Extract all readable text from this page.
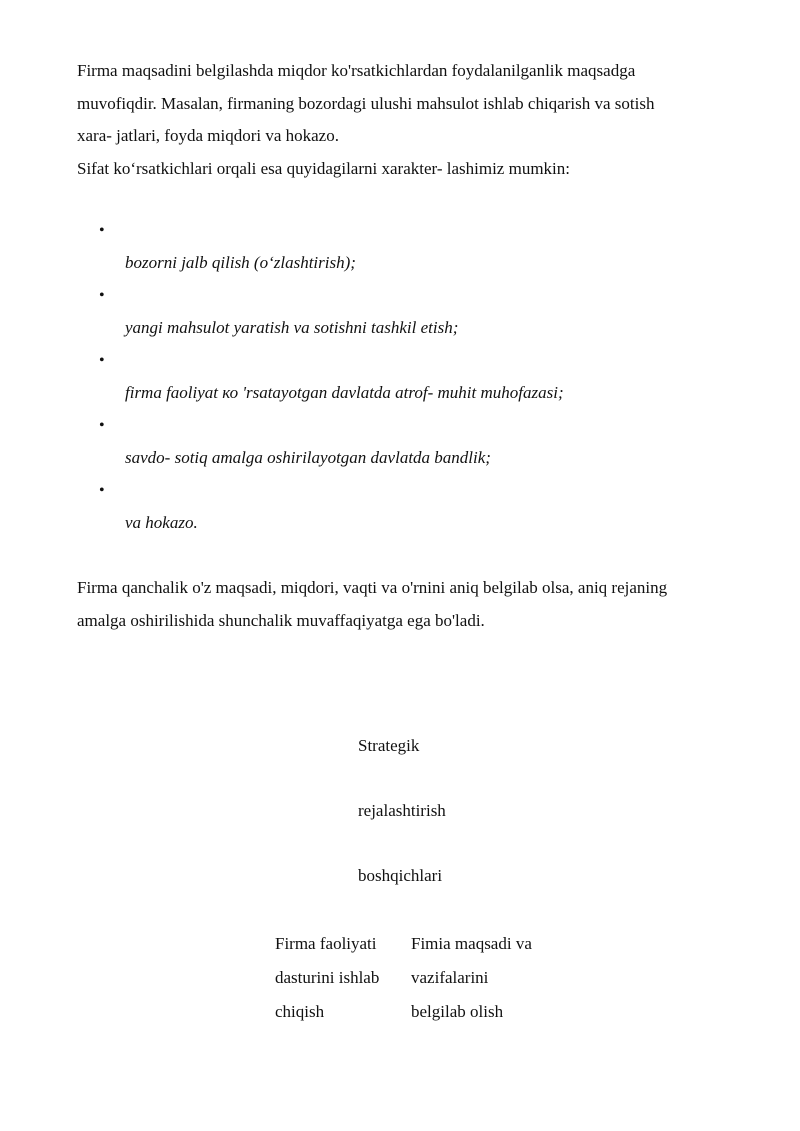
Firma maqsadini belgilashda miqdor ko'rsatkichlardan foydalanilganlik maqsadga
muvofiqdir. Masalan, firmaning bozordagi ulushi mahsulot ishlab chiqarish va sotish
xara- jatlari, foyda miqdori va hokazo.
Sifat ko‘rsatkichlari orqali esa quyidagilarni xarakter- lashimiz mumkin:

•
bozorni jalb qilish (o‘zlashtirish);
•
yangi mahsulot yaratish va sotishni tashkil etish;
•
firma faoliyat ко 'rsatayotgan davlatda atrof- muhit muhofazasi;
•
savdo- sotiq amalga oshirilayotgan davlatda bandlik;
•
va hokazo.

Firma qanchalik o'z maqsadi, miqdori, vaqti va o'rnini aniq belgilab olsa, aniq rejaning
amalga oshirilishida shunchalik muvaffaqiyatga ega bo'ladi.

Strategik
rejalashtirish
boshqichlari
Firma faoliyati
dasturini ishlab
chiqish
Fimia maqsadi va
vazifalarini
belgilab olish
